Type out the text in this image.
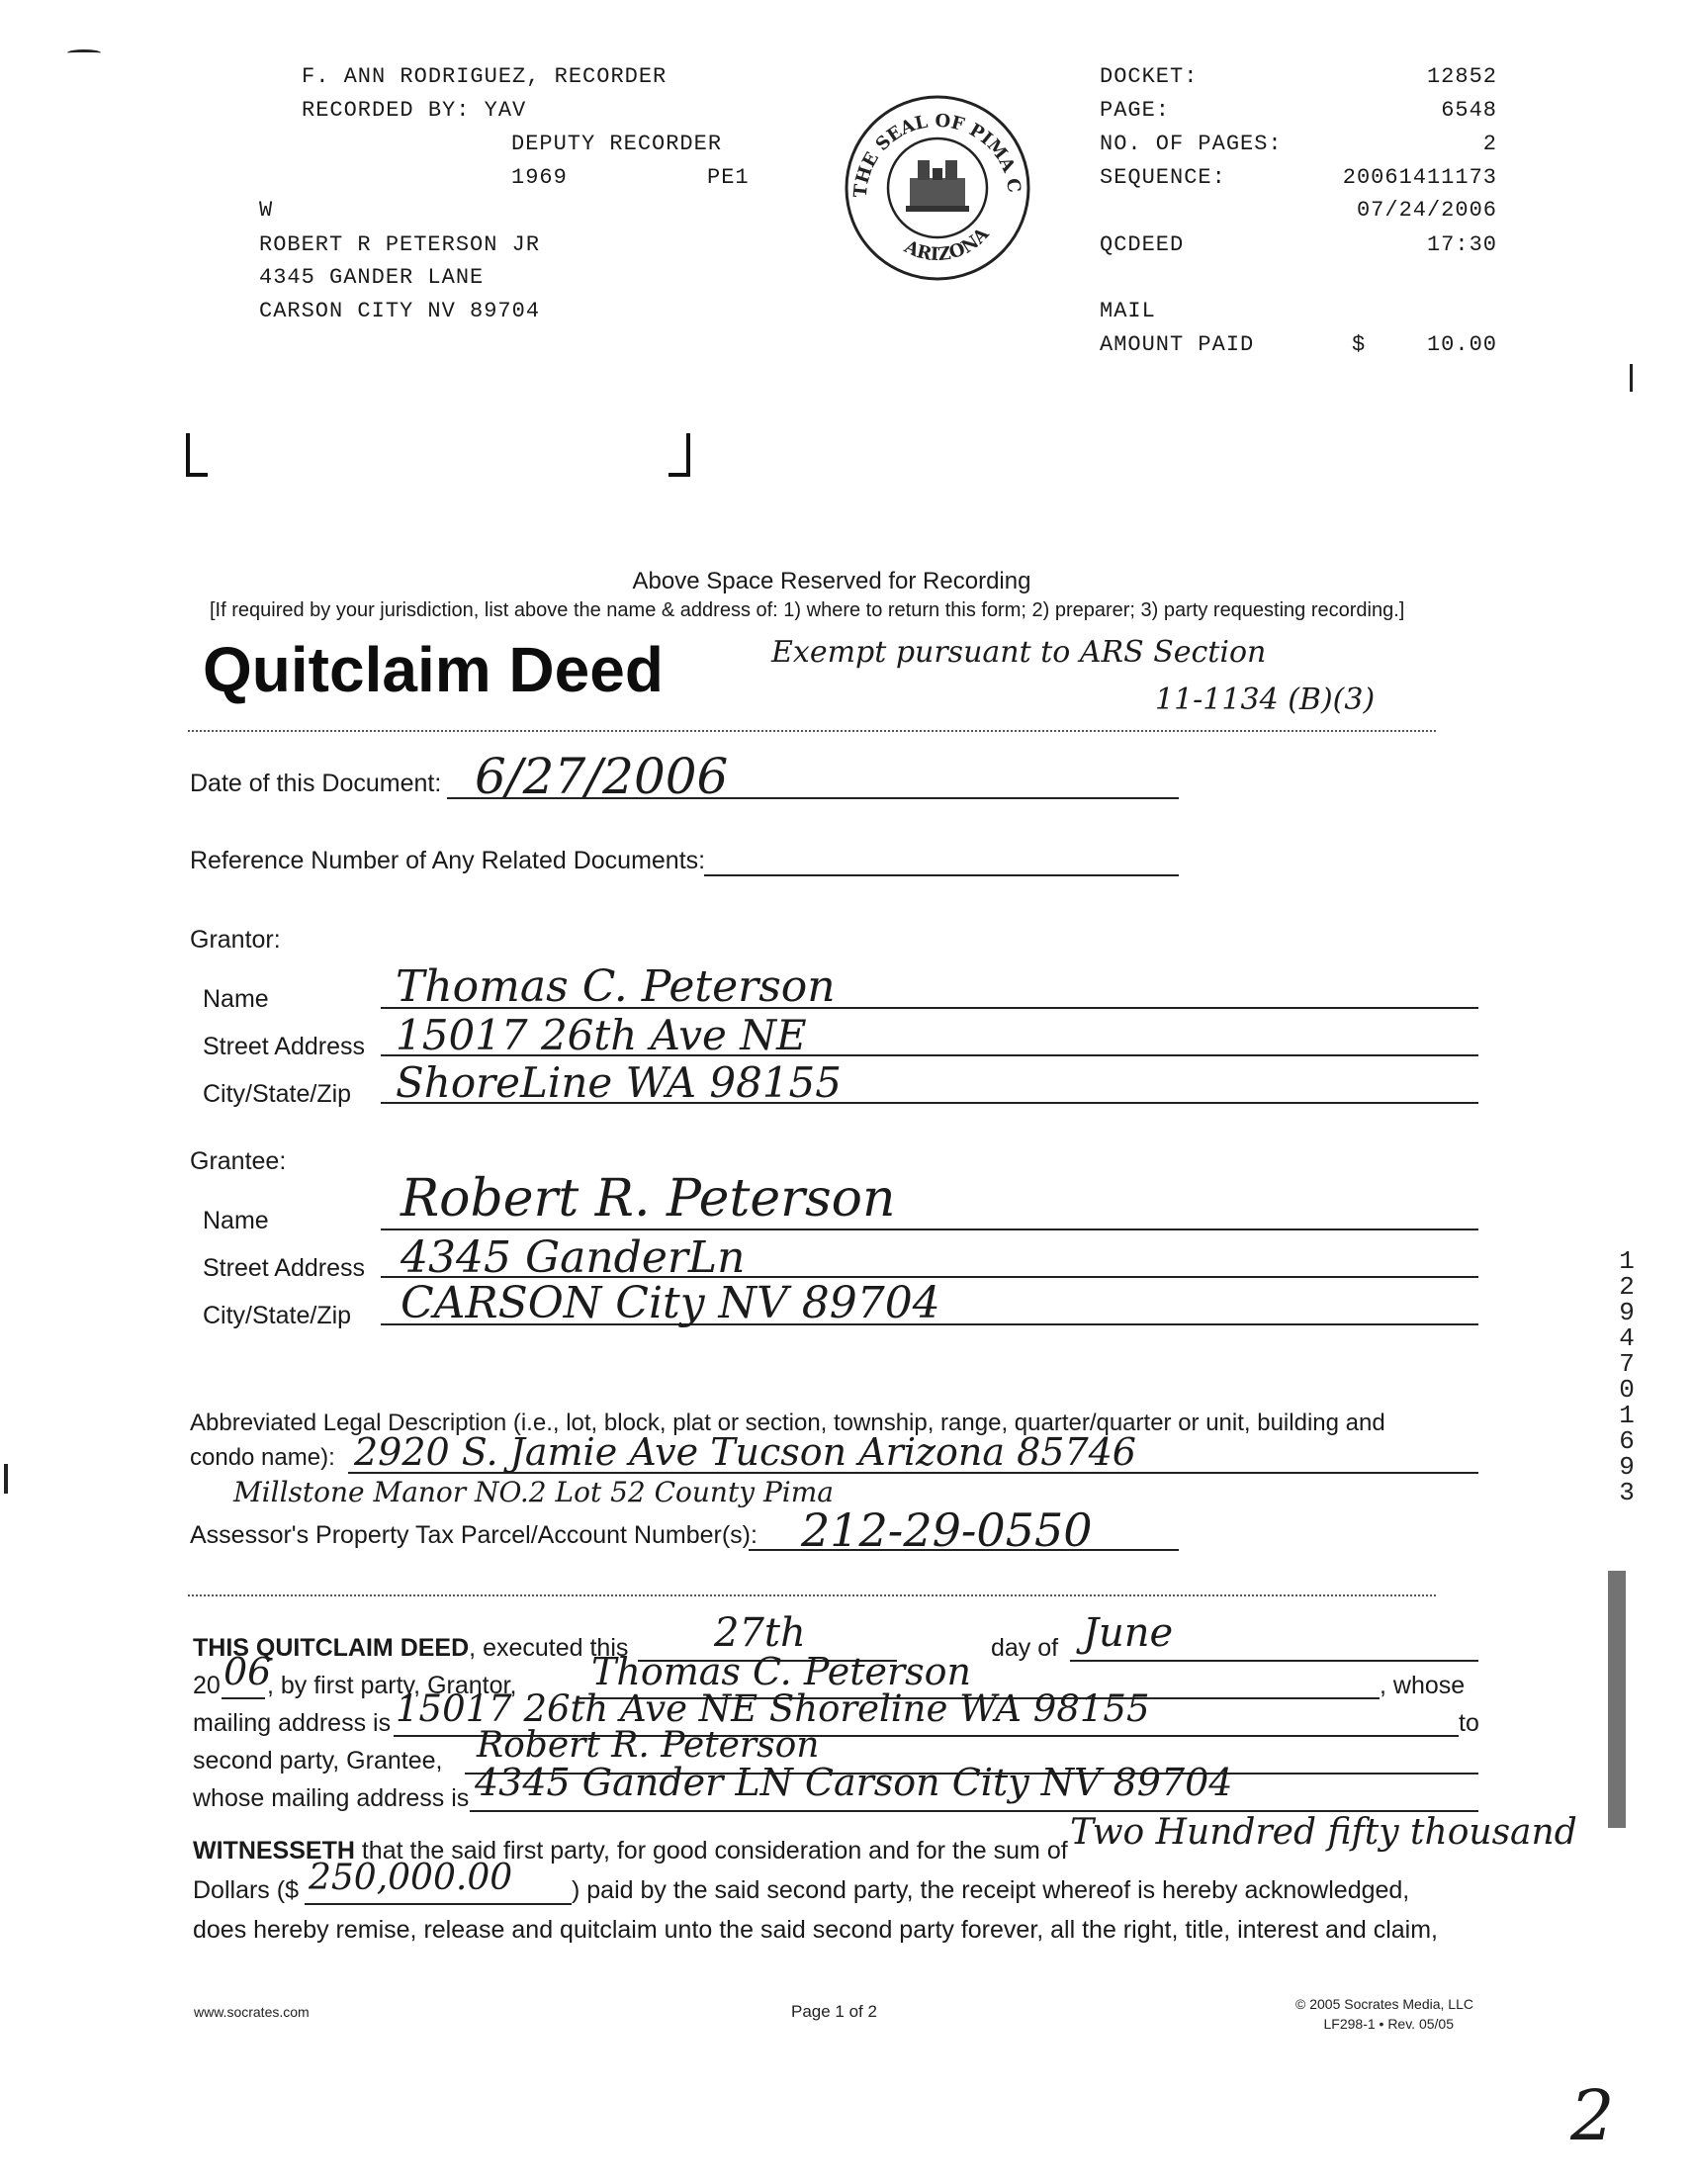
F. ANN RODRIGUEZ, RECORDER
RECORDED BY: YAV
DEPUTY RECORDER
1969	PE1
W
ROBERT R PETERSON JR
4345 GANDER LANE
CARSON CITY NV 89704
THE SEAL OF PIMA C
ARIZONA
DOCKET:	12852
PAGE:	6548
NO. OF PAGES:	2
SEQUENCE:	20061411173
07/24/2006
QCDEED	17:30
MAIL
AMOUNT PAID	$	10.00
Above Space Reserved for Recording
[If required by your jurisdiction, list above the name & address of: 1) where to return this form; 2) preparer; 3) party requesting recording.]
Quitclaim Deed	Exempt pursuant to ARS Section
11-1134 (B)(3)
Date of this Document: 6/27/2006
Reference Number of Any Related Documents:
Grantor:
Name	Thomas C. Peterson
Street Address 15017 26th Ave NE
City/State/Zip ShoreLine WA 98155
Grantee:
Name	Robert R. Peterson
Street Address 4345 GanderLn
City/State/Zip CARSON City NV 89704
Abbreviated Legal Description (i.e., lot, block, plat or section, township, range, quarter/quarter or unit, building and
condo name): 2920 S. Jamie Ave Tucson Arizona 85746
Millstone Manor NO.2 Lot 52 County Pima
Assessor's Property Tax Parcel/Account Number(s): 212-29-0550
THIS QUITCLAIM DEED, executed this 27th	day of June
20 06
, by first party, Grantor, Thomas C. Peterson	, whose
mailing address is 15017 26th Ave NE Shoreline WA 98155	to
second party, Grantee, Robert R. Peterson
whose mailing address is 4345 Gander LN Carson City NV 89704
WITNESSETH that the said first party, for good consideration and for the sum of Two Hundred fifty thousand
Dollars ($ 250,000.00 ) paid by the said second party, the receipt whereof is hereby acknowledged,
does hereby remise, release and quitclaim unto the said second party forever, all the right, title, interest and claim,
www.socrates.com	Page 1 of 2	© 2005 Socrates Media, LLC
LF298-1 • Rev. 05/05
1294701693
2
